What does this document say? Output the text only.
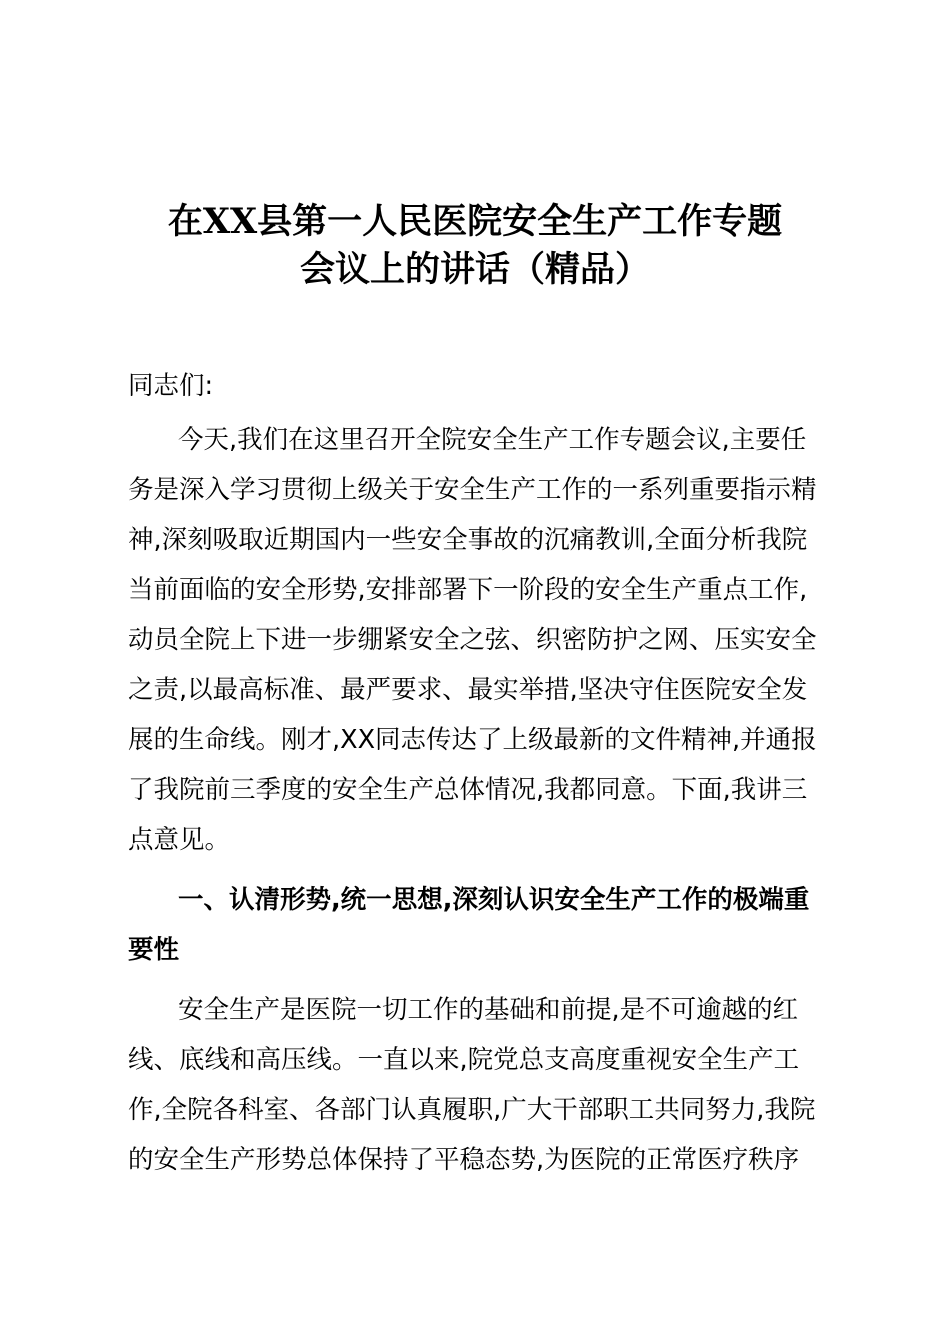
在XX县第一人民医院安全生产工作专题
会议上的讲话（精品）
同志们:
今天,我们在这里召开全院安全生产工作专题会议,主要任
务是深入学习贯彻上级关于安全生产工作的一系列重要指示精
神,深刻吸取近期国内一些安全事故的沉痛教训,全面分析我院
当前面临的安全形势,安排部署下一阶段的安全生产重点工作,
动员全院上下进一步绷紧安全之弦、织密防护之网、压实安全
之责,以最高标准、最严要求、最实举措,坚决守住医院安全发
展的生命线。刚才,XX同志传达了上级最新的文件精神,并通报
了我院前三季度的安全生产总体情况,我都同意。下面,我讲三
点意见。
一、认清形势,统一思想,深刻认识安全生产工作的极端重
要性
安全生产是医院一切工作的基础和前提,是不可逾越的红
线、底线和高压线。一直以来,院党总支高度重视安全生产工
作,全院各科室、各部门认真履职,广大干部职工共同努力,我院
的安全生产形势总体保持了平稳态势,为医院的正常医疗秩序
